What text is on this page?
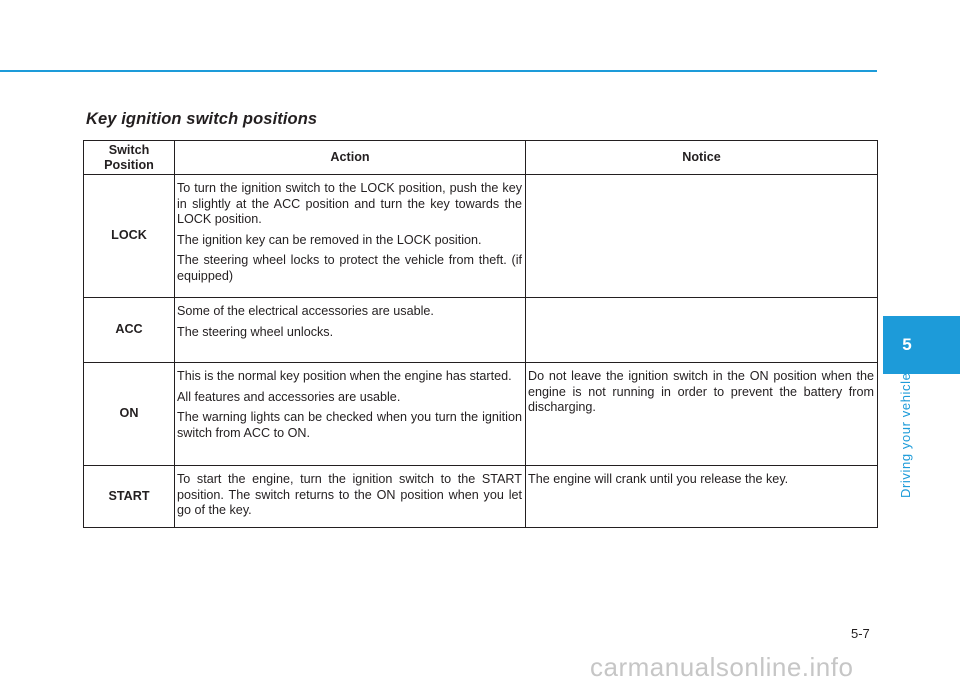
Key ignition switch positions
Switch
Position	Action	Notice
LOCK	To turn the ignition switch to the LOCK position, push the key in slightly at the ACC position and turn the key towards the LOCK position.

The ignition key can be removed in the LOCK position.

The steering wheel locks to protect the vehicle from theft. (if equipped)	

ACC	Some of the electrical accessories are usable.

The steering wheel unlocks.	

ON	This is the normal key position when the engine has started.

All features and accessories are usable.

The warning lights can be checked when you turn the ignition switch from ACC to ON.	Do not leave the ignition switch in the ON position when the engine is not running in order to prevent the battery from discharging.
START	To start the engine, turn the ignition switch to the START position. The switch returns to the ON position when you let go of the key.	The engine will crank until you release the key.
5
Driving your vehicle
5-7
carmanualsonline.info
